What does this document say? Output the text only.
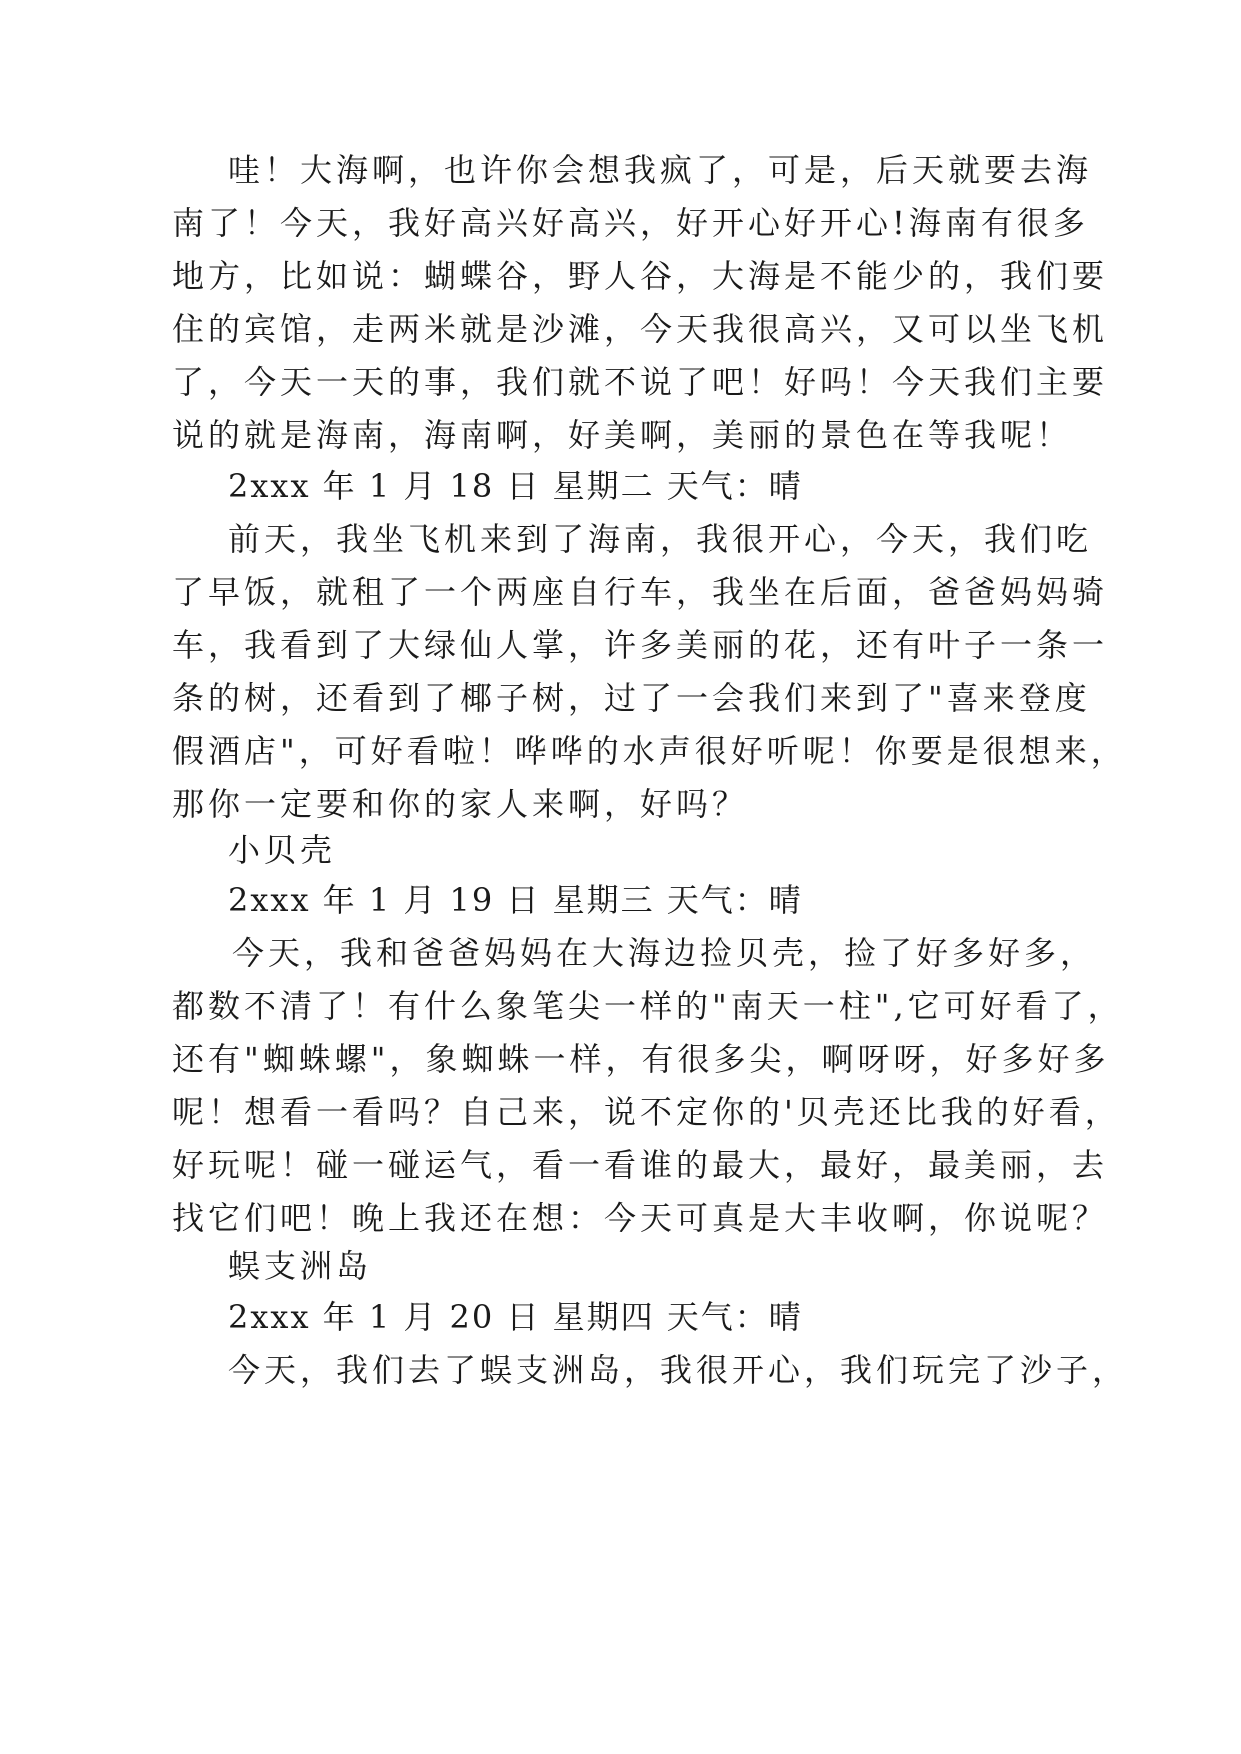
哇！大海啊，也许你会想我疯了，可是，后天就要去海
南了！今天，我好高兴好高兴，好开心好开心!海南有很多
地方，比如说：蝴蝶谷，野人谷，大海是不能少的，我们要
住的宾馆，走两米就是沙滩，今天我很高兴，又可以坐飞机
了，今天一天的事，我们就不说了吧！好吗！今天我们主要
说的就是海南，海南啊，好美啊，美丽的景色在等我呢！
2xxx 年 1 月 18 日 星期二 天气：晴
前天，我坐飞机来到了海南，我很开心，今天，我们吃
了早饭，就租了一个两座自行车，我坐在后面，爸爸妈妈骑
车，我看到了大绿仙人掌，许多美丽的花，还有叶子一条一
条的树，还看到了椰子树，过了一会我们来到了"喜来登度
假酒店"，可好看啦！哗哗的水声很好听呢！你要是很想来，
那你一定要和你的家人来啊，好吗？
小贝壳
2xxx 年 1 月 19 日 星期三 天气：晴
今天，我和爸爸妈妈在大海边捡贝壳，捡了好多好多，
都数不清了！有什么象笔尖一样的"南天一柱",它可好看了，
还有"蜘蛛螺"，象蜘蛛一样，有很多尖，啊呀呀，好多好多
呢！想看一看吗？自己来，说不定你的'贝壳还比我的好看，
好玩呢！碰一碰运气，看一看谁的最大，最好，最美丽，去
找它们吧！晚上我还在想：今天可真是大丰收啊，你说呢？
蜈支洲岛
2xxx 年 1 月 20 日 星期四 天气：晴
今天，我们去了蜈支洲岛，我很开心，我们玩完了沙子，
